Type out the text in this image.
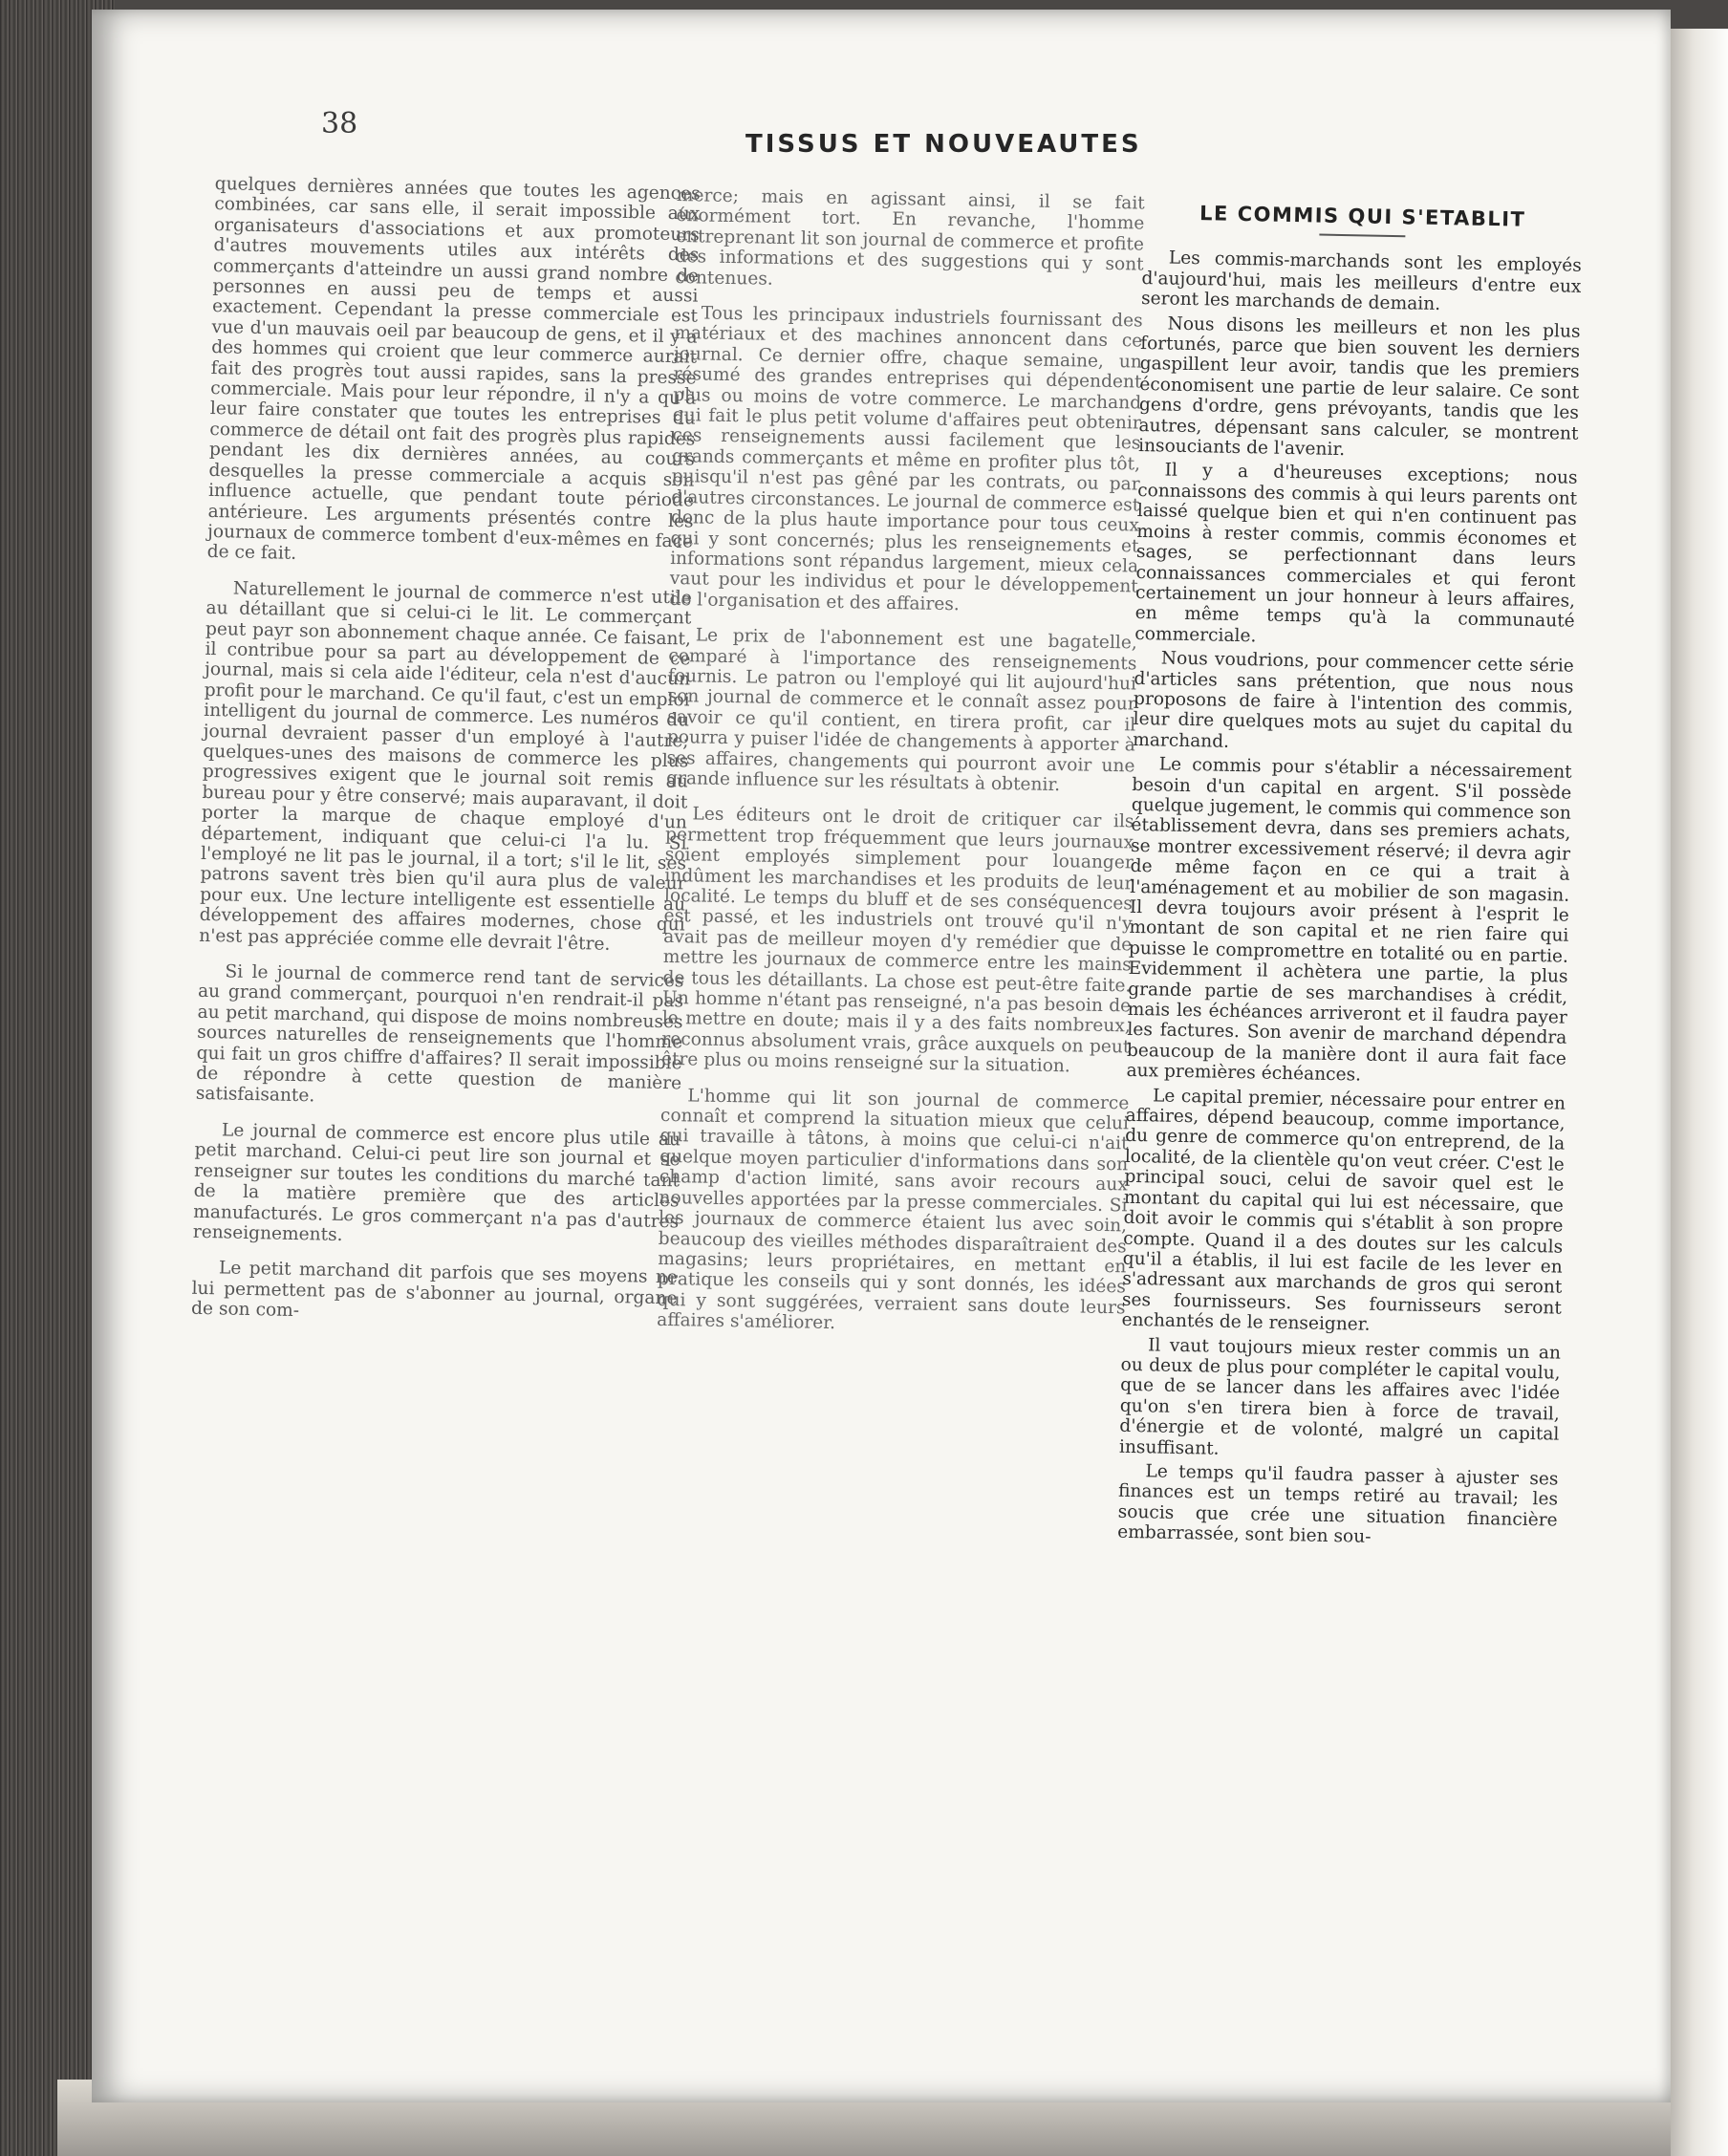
38
TISSUS ET NOUVEAUTES

quelques dernières années que toutes les agences combinées, car sans elle, il serait impossible aux organisateurs d'associations et aux promoteurs d'autres mouvements utiles aux intérêts des commerçants d'atteindre un aussi grand nombre de personnes en aussi peu de temps et aussi exactement. Cependant la presse commerciale est vue d'un mauvais oeil par beaucoup de gens, et il y a des hommes qui croient que leur commerce aurait fait des progrès tout aussi rapides, sans la presse commerciale. Mais pour leur répondre, il n'y a qu'à leur faire constater que toutes les entreprises du commerce de détail ont fait des progrès plus rapides pendant les dix dernières années, au cours desquelles la presse commerciale a acquis son influence actuelle, que pendant toute période antérieure. Les arguments présentés contre les journaux de commerce tombent d'eux-mêmes en face de ce fait.

Naturellement le journal de commerce n'est utile au détaillant que si celui-ci le lit. Le commerçant peut payr son abonnement chaque année. Ce faisant, il contribue pour sa part au développement de ce journal, mais si cela aide l'éditeur, cela n'est d'aucun profit pour le marchand. Ce qu'il faut, c'est un emploi intelligent du journal de commerce. Les numéros du journal devraient passer d'un employé à l'autre; quelques-unes des maisons de commerce les plus progressives exigent que le journal soit remis au bureau pour y être conservé; mais auparavant, il doit porter la marque de chaque employé d'un département, indiquant que celui-ci l'a lu. Si l'employé ne lit pas le journal, il a tort; s'il le lit, ses patrons savent très bien qu'il aura plus de valeur pour eux. Une lecture intelligente est essentielle au développement des affaires modernes, chose qui n'est pas appréciée comme elle devrait l'être.

Si le journal de commerce rend tant de services au grand commerçant, pourquoi n'en rendrait-il pas au petit marchand, qui dispose de moins nombreuses sources naturelles de renseignements que l'homme qui fait un gros chiffre d'affaires? Il serait impossible de répondre à cette question de manière satisfaisante.

Le journal de commerce est encore plus utile au petit marchand. Celui-ci peut lire son journal et se renseigner sur toutes les conditions du marché tant de la matière première que des articles manufacturés. Le gros commerçant n'a pas d'autres renseignements.

Le petit marchand dit parfois que ses moyens ne lui permettent pas de s'abonner au journal, organe de son com-

merce; mais en agissant ainsi, il se fait énormément tort. En revanche, l'homme entreprenant lit son journal de commerce et profite des informations et des suggestions qui y sont contenues.

Tous les principaux industriels fournissant des matériaux et des machines annoncent dans ce journal. Ce dernier offre, chaque semaine, un résumé des grandes entreprises qui dépendent plus ou moins de votre commerce. Le marchand qui fait le plus petit volume d'affaires peut obtenir ces renseignements aussi facilement que les grands commerçants et même en profiter plus tôt, puisqu'il n'est pas gêné par les contrats, ou par d'autres circonstances. Le journal de commerce est donc de la plus haute importance pour tous ceux qui y sont concernés; plus les renseignements et informations sont répandus largement, mieux cela vaut pour les individus et pour le développement de l'organisation et des affaires.

Le prix de l'abonnement est une bagatelle, comparé à l'importance des renseignements fournis. Le patron ou l'employé qui lit aujourd'hui son journal de commerce et le connaît assez pour savoir ce qu'il contient, en tirera profit, car il pourra y puiser l'idée de changements à apporter à ses affaires, changements qui pourront avoir une grande influence sur les résultats à obtenir.

Les éditeurs ont le droit de critiquer car ils permettent trop fréquemment que leurs journaux soient employés simplement pour louanger indûment les marchandises et les produits de leur localité. Le temps du bluff et de ses conséquences est passé, et les industriels ont trouvé qu'il n'y avait pas de meilleur moyen d'y remédier que de mettre les journaux de commerce entre les mains de tous les détaillants. La chose est peut-être faite. Un homme n'étant pas renseigné, n'a pas besoin de le mettre en doute; mais il y a des faits nombreux, reconnus absolument vrais, grâce auxquels on peut être plus ou moins renseigné sur la situation.

L'homme qui lit son journal de commerce connaît et comprend la situation mieux que celui qui travaille à tâtons, à moins que celui-ci n'ait quelque moyen particulier d'informations dans son champ d'action limité, sans avoir recours aux nouvelles apportées par la presse commerciales. Si les journaux de commerce étaient lus avec soin, beaucoup des vieilles méthodes disparaîtraient des magasins; leurs propriétaires, en mettant en pratique les conseils qui y sont donnés, les idées qui y sont suggérées, verraient sans doute leurs affaires s'améliorer.

LE COMMIS QUI S'ETABLIT

Les commis-marchands sont les employés d'aujourd'hui, mais les meilleurs d'entre eux seront les marchands de demain.

Nous disons les meilleurs et non les plus fortunés, parce que bien souvent les derniers gaspillent leur avoir, tandis que les premiers économisent une partie de leur salaire. Ce sont gens d'ordre, gens prévoyants, tandis que les autres, dépensant sans calculer, se montrent insouciants de l'avenir.

Il y a d'heureuses exceptions; nous connaissons des commis à qui leurs parents ont laissé quelque bien et qui n'en continuent pas moins à rester commis, commis économes et sages, se perfectionnant dans leurs connaissances commerciales et qui feront certainement un jour honneur à leurs affaires, en même temps qu'à la communauté commerciale.

Nous voudrions, pour commencer cette série d'articles sans prétention, que nous nous proposons de faire à l'intention des commis, leur dire quelques mots au sujet du capital du marchand.

Le commis pour s'établir a nécessairement besoin d'un capital en argent. S'il possède quelque jugement, le commis qui commence son établissement devra, dans ses premiers achats, se montrer excessivement réservé; il devra agir de même façon en ce qui a trait à l'aménagement et au mobilier de son magasin. Il devra toujours avoir présent à l'esprit le montant de son capital et ne rien faire qui puisse le compromettre en totalité ou en partie. Evidemment il achètera une partie, la plus grande partie de ses marchandises à crédit, mais les échéances arriveront et il faudra payer les factures. Son avenir de marchand dépendra beaucoup de la manière dont il aura fait face aux premières échéances.

Le capital premier, nécessaire pour entrer en affaires, dépend beaucoup, comme importance, du genre de commerce qu'on entreprend, de la localité, de la clientèle qu'on veut créer. C'est le principal souci, celui de savoir quel est le montant du capital qui lui est nécessaire, que doit avoir le commis qui s'établit à son propre compte. Quand il a des doutes sur les calculs qu'il a établis, il lui est facile de les lever en s'adressant aux marchands de gros qui seront ses fournisseurs. Ses fournisseurs seront enchantés de le renseigner.

Il vaut toujours mieux rester commis un an ou deux de plus pour compléter le capital voulu, que de se lancer dans les affaires avec l'idée qu'on s'en tirera bien à force de travail, d'énergie et de volonté, malgré un capital insuffisant.

Le temps qu'il faudra passer à ajuster ses finances est un temps retiré au travail; les soucis que crée une situation financière embarrassée, sont bien sou-
